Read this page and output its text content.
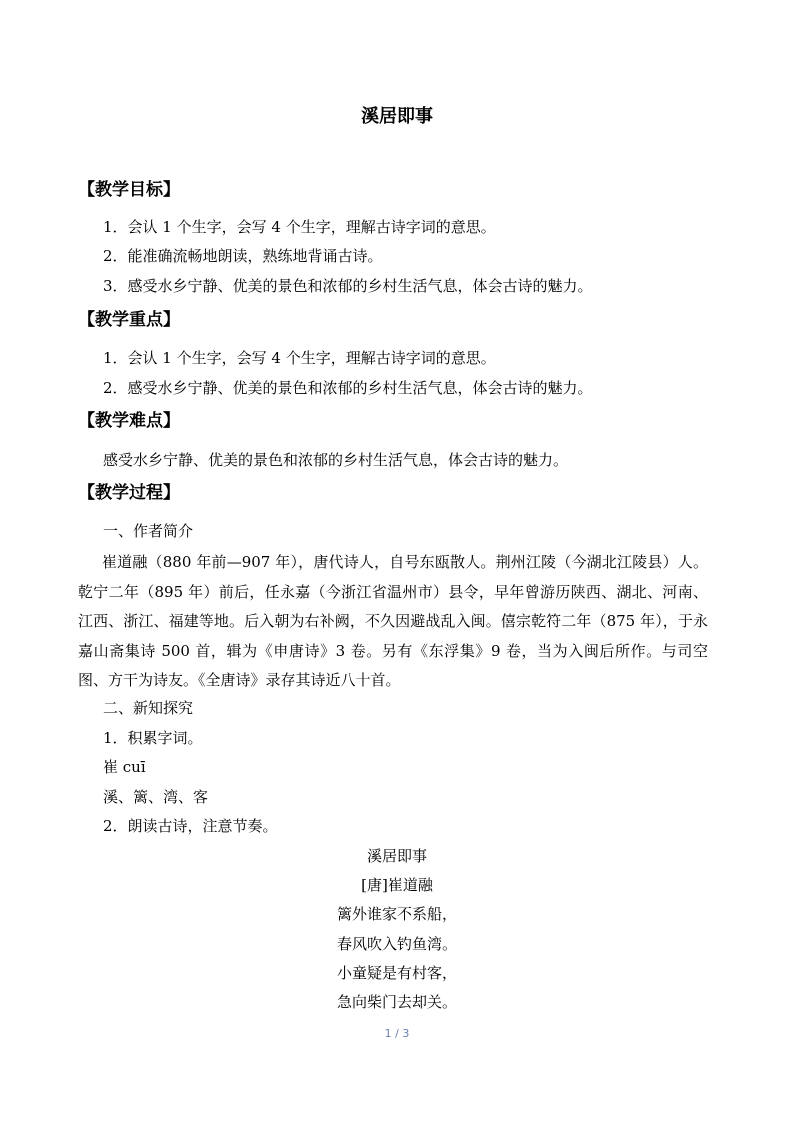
溪居即事
【教学目标】
1．会认 1 个生字，会写 4 个生字，理解古诗字词的意思。
2．能准确流畅地朗读，熟练地背诵古诗。
3．感受水乡宁静、优美的景色和浓郁的乡村生活气息，体会古诗的魅力。
【教学重点】
1．会认 1 个生字，会写 4 个生字，理解古诗字词的意思。
2．感受水乡宁静、优美的景色和浓郁的乡村生活气息，体会古诗的魅力。
【教学难点】
感受水乡宁静、优美的景色和浓郁的乡村生活气息，体会古诗的魅力。
【教学过程】
一、作者简介

崔道融（880 年前—907 年），唐代诗人，自号东瓯散人。荆州江陵（今湖北江陵县）人。乾宁二年（895 年）前后，任永嘉（今浙江省温州市）县令，早年曾游历陕西、湖北、河南、江西、浙江、福建等地。后入朝为右补阙，不久因避战乱入闽。僖宗乾符二年（875 年），于永嘉山斋集诗 500 首，辑为《申唐诗》3 卷。另有《东浮集》9 卷，当为入闽后所作。与司空图、方干为诗友。《全唐诗》录存其诗近八十首。

二、新知探究
1．积累字词。
崔 cuī
溪、篱、湾、客
2．朗读古诗，注意节奏。
溪居即事
[唐]崔道融
篱外谁家不系船，
春风吹入钓鱼湾。
小童疑是有村客，
急向柴门去却关。
1 / 3
